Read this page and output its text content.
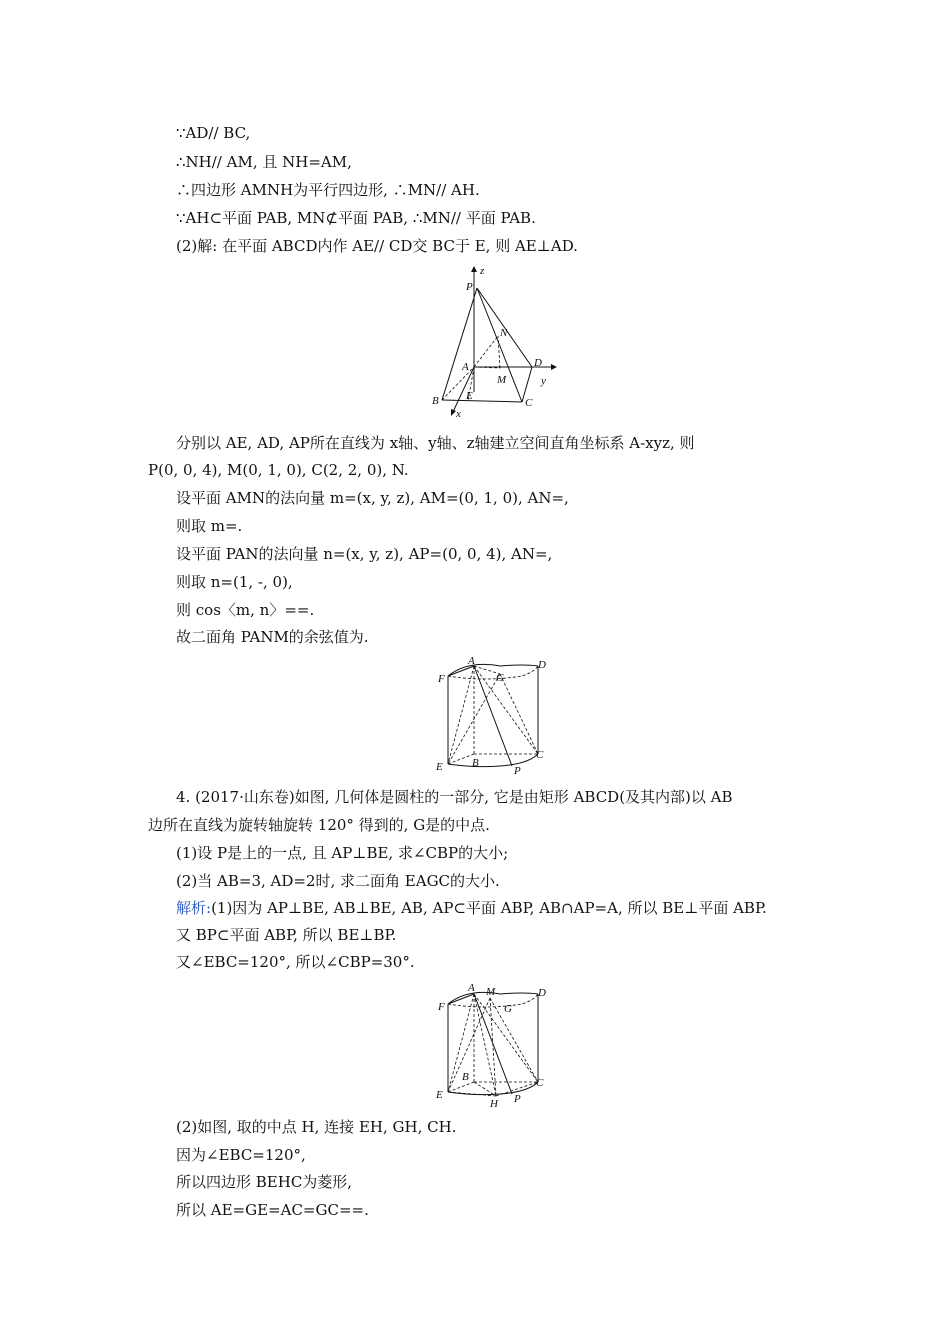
∵AD// BC,
∴NH// AM, 且 NH=AM,
∴四边形 AMNH为平行四边形, ∴MN// AH.
∵AH⊂平面 PAB, MN⊄平面 PAB, ∴MN// 平面 PAB.
(2)解: 在平面 ABCD内作 AE// CD交 BC于 E, 则 AE⊥AD.
z
P
N
D
y
A
M
E
B	C
x
分别以 AE, AD, AP所在直线为 x轴、y轴、z轴建立空间直角坐标系 A-xyz, 则
P(0, 0, 4), M(0, 1, 0), C(2, 2, 0), N.
设平面 AMN的法向量 m=(x, y, z), AM=(0, 1, 0), AN=,
则取 m=.
设平面 PAN的法向量 n=(x, y, z), AP=(0, 0, 4), AN=,
则取 n=(1, -, 0),
则 cos〈m, n〉==.
故二面角 PANM的余弦值为.
A
G
D
F
C
E	B
P
4. (2017·山东卷)如图, 几何体是圆柱的一部分, 它是由矩形 ABCD(及其内部)以 AB
边所在直线为旋转轴旋转 120° 得到的, G是的中点.
(1)设 P是上的一点, 且 AP⊥BE, 求∠CBP的大小;
(2)当 AB=3, AD=2时, 求二面角 EAGC的大小.
解析:(1)因为 AP⊥BE, AB⊥BE, AB, AP⊂平面 ABP, AB∩AP=A, 所以 BE⊥平面 ABP.
又 BP⊂平面 ABP, 所以 BE⊥BP.
又∠EBC=120°, 所以∠CBP=30°.
A M	D
F	G
B	C
E
H P
(2)如图, 取的中点 H, 连接 EH, GH, CH.
因为∠EBC=120°,
所以四边形 BEHC为菱形,
所以 AE=GE=AC=GC==.
